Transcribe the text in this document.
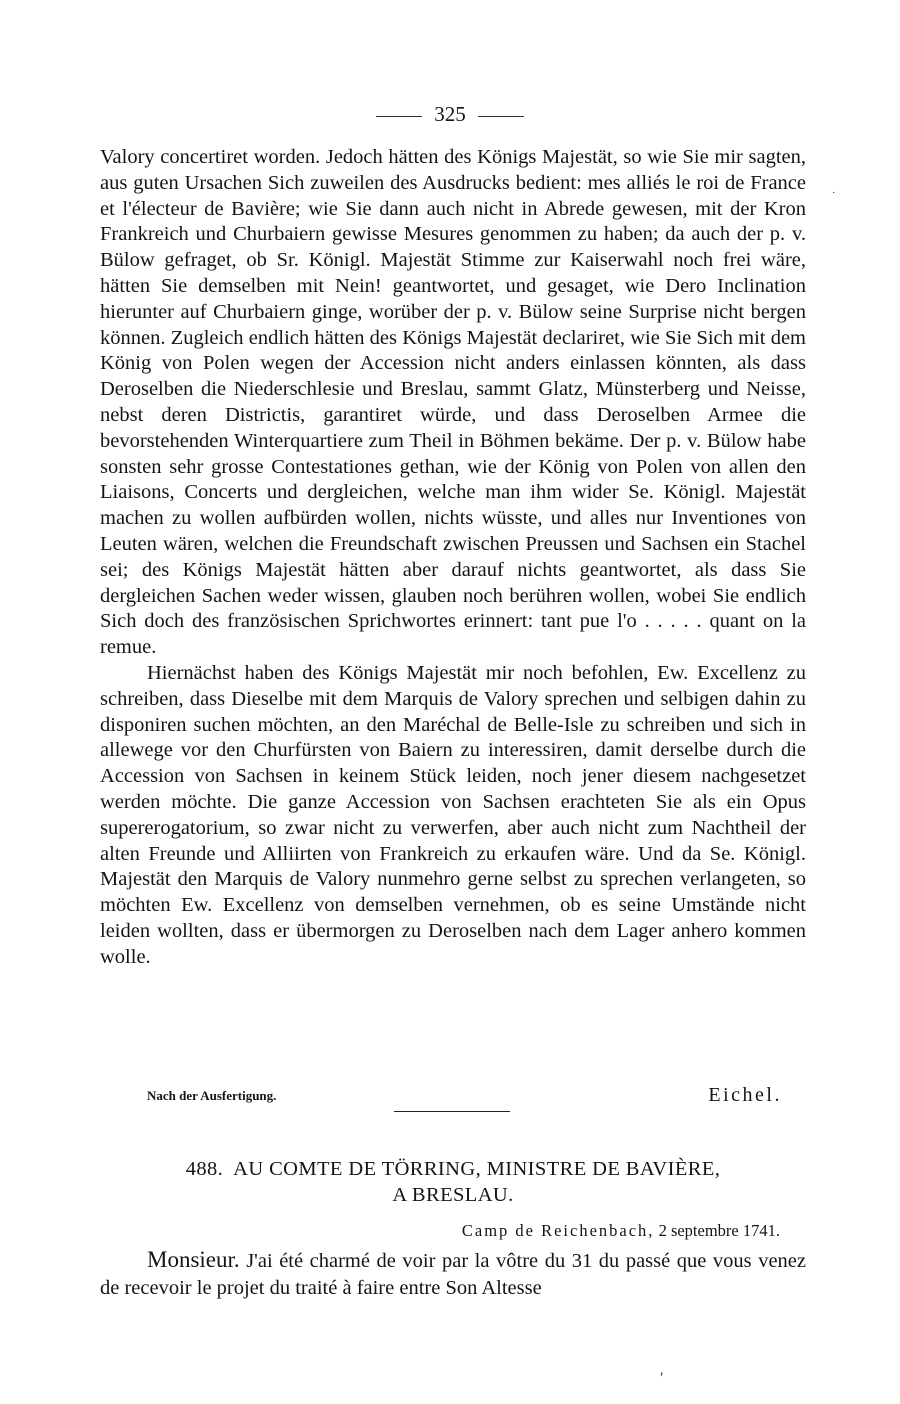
325

Valory concertiret worden. Jedoch hätten des Königs Majestät, so wie Sie mir sagten, aus guten Ursachen Sich zuweilen des Ausdrucks bedient: mes alliés le roi de France et l'électeur de Bavière; wie Sie dann auch nicht in Abrede gewesen, mit der Kron Frankreich und Churbaiern gewisse Mesures genommen zu haben; da auch der p. v. Bülow gefraget, ob Sr. Königl. Majestät Stimme zur Kaiserwahl noch frei wäre, hätten Sie demselben mit Nein! geantwortet, und gesaget, wie Dero Inclination hierunter auf Churbaiern ginge, worüber der p. v. Bülow seine Surprise nicht bergen können. Zugleich endlich hätten des Königs Majestät declariret, wie Sie Sich mit dem König von Polen wegen der Accession nicht anders einlassen könnten, als dass Deroselben die Niederschlesie und Breslau, sammt Glatz, Münsterberg und Neisse, nebst deren Districtis, garantiret würde, und dass Deroselben Armee die bevorstehenden Winterquartiere zum Theil in Böhmen bekäme. Der p. v. Bülow habe sonsten sehr grosse Contestationes gethan, wie der König von Polen von allen den Liaisons, Concerts und dergleichen, welche man ihm wider Se. Königl. Majestät machen zu wollen aufbürden wollen, nichts wüsste, und alles nur Inventiones von Leuten wären, welchen die Freundschaft zwischen Preussen und Sachsen ein Stachel sei; des Königs Majestät hätten aber darauf nichts geantwortet, als dass Sie dergleichen Sachen weder wissen, glauben noch berühren wollen, wobei Sie endlich Sich doch des französischen Sprichwortes erinnert: tant pue l'o . . . . . quant on la remue.

Hiernächst haben des Königs Majestät mir noch befohlen, Ew. Excellenz zu schreiben, dass Dieselbe mit dem Marquis de Valory sprechen und selbigen dahin zu disponiren suchen möchten, an den Maréchal de Belle-Isle zu schreiben und sich in allewege vor den Churfürsten von Baiern zu interessiren, damit derselbe durch die Accession von Sachsen in keinem Stück leiden, noch jener diesem nachgesetzet werden möchte. Die ganze Accession von Sachsen erachteten Sie als ein Opus supererogatorium, so zwar nicht zu verwerfen, aber auch nicht zum Nachtheil der alten Freunde und Alliirten von Frankreich zu erkaufen wäre. Und da Se. Königl. Majestät den Marquis de Valory nunmehro gerne selbst zu sprechen verlangeten, so möchten Ew. Excellenz von demselben vernehmen, ob es seine Umstände nicht leiden wollten, dass er übermorgen zu Deroselben nach dem Lager anhero kommen wolle.

Nach der Ausfertigung.	Eichel.
488. AU COMTE DE TÖRRING, MINISTRE DE BAVIÈRE,
A BRESLAU.
Camp de Reichenbach, 2 septembre 1741.

Monsieur. J'ai été charmé de voir par la vôtre du 31 du passé que vous venez de recevoir le projet du traité à faire entre Son Altesse

·
′
